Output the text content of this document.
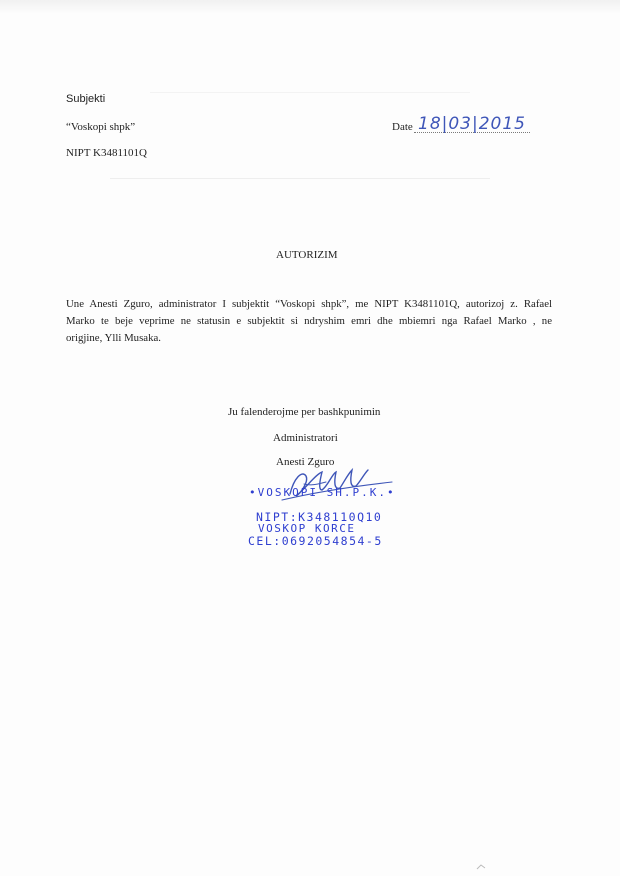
Subjekti
“Voskopi shpk”
NIPT K3481101Q
Date 18|03|2015
AUTORIZIM
Une Anesti Zguro, administrator I subjektit “Voskopi shpk”, me NIPT K3481101Q, autorizoj z. Rafael
Marko te beje veprime ne statusin e subjektit si ndryshim emri dhe mbiemri nga Rafael Marko , ne
origjine, Ylli Musaka.
Ju falenderojme per bashkpunimin
Administratori
Anesti Zguro
•VOSKOPI SH.P.K.•
NIPT:K348110Q10
VOSKOP KORCE
CEL:0692054854-5
